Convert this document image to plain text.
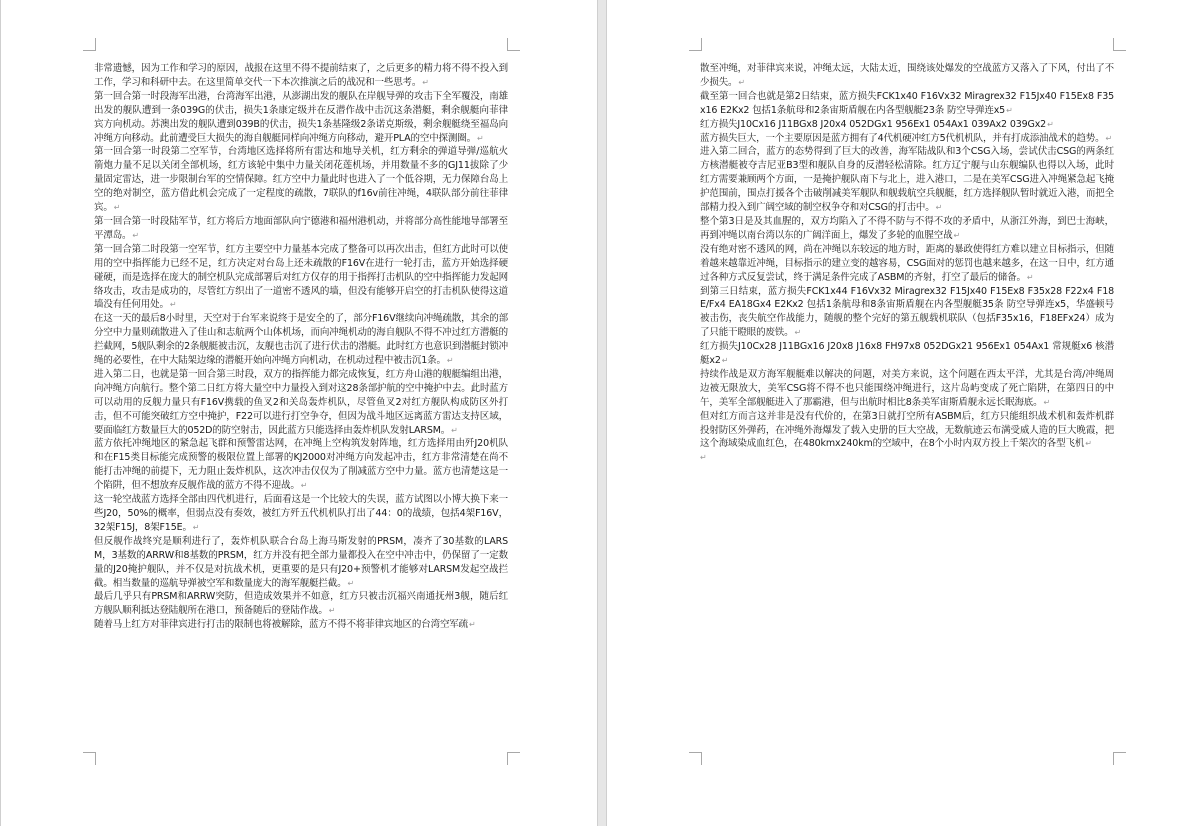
非常遗憾，因为工作和学习的原因，战报在这里不得不提前结束了，之后更多的精力将不得不投入到工作，学习和科研中去。在这里简单交代一下本次推演之后的战况和一些思考。 ↵

第一回合第一时段海军出港，台湾海军出港，从澎湖出发的舰队在岸舰导弹的攻击下全军覆没，南雄出发的舰队遭到一条039G的伏击，损失1条康定级并在反潜作战中击沉这条潜艇，剩余舰艇向菲律宾方向机动。苏澳出发的舰队遭到039B的伏击，损失1条基隆级2条诺克斯级，剩余舰艇绕至福岛向冲绳方向移动。此前遭受巨大损失的海自舰艇同样向冲绳方向移动，避开PLA的空中探测圈。 ↵

第一回合第一时段第二空军节，台湾地区选择将所有雷达和地导关机，红方剩余的弹道导弹/巡航火箭炮力量不足以关闭全部机场，红方该轮中集中力量关闭花莲机场，并用数量不多的GJ11拔除了少量固定雷达，进一步限制台军的空情保障。红方空中力量此时也进入了一个低谷期，无力保障台岛上空的绝对制空，蓝方借此机会完成了一定程度的疏散，7联队的f16v前往冲绳，4联队部分前往菲律宾。 ↵

第一回合第一时段陆军节，红方将后方地面部队向宁德港和福州港机动，并将部分高性能地导部署至平潭岛。 ↵

第一回合第二时段第一空军节，红方主要空中力量基本完成了整备可以再次出击，但红方此时可以使用的空中指挥能力已经不足，红方决定对台岛上还未疏散的F16V在进行一轮打击，蓝方开始选择硬碰硬，而是选择在庞大的制空机队完成部署后对红方仅存的用于指挥打击机队的空中指挥能力发起网络攻击，攻击是成功的，尽管红方织出了一道密不透风的墙，但没有能够开启空的打击机队使得这道墙没有任何用处。 ↵

在这一天的最后8小时里，天空对于台军来说终于是安全的了，部分F16V继续向冲绳疏散，其余的部分空中力量则疏散进入了佳山和志航两个山体机场，而向冲绳机动的海自舰队不得不冲过红方潜艇的拦截网，5舰队剩余的2条舰艇被击沉，友舰也击沉了进行伏击的潜艇。此时红方也意识到潜艇封锁冲绳的必要性，在中大陆架边缘的潜艇开始向冲绳方向机动，在机动过程中被击沉1条。 ↵

进入第二日，也就是第一回合第三时段，双方的指挥能力都完成恢复，红方舟山港的舰艇编组出港，向冲绳方向航行。整个第二日红方将大量空中力量投入到对这28条部护航的空中掩护中去。此时蓝方可以动用的反舰力量只有F16V携载的鱼叉2和关岛轰炸机队，尽管鱼叉2对红方舰队构成防区外打击，但不可能突破红方空中掩护，F22可以进行打空争夺，但因为战斗地区远离蓝方雷达支持区域，要面临红方数量巨大的052D的防空射击，因此蓝方只能选择由轰炸机队发射LARSM。 ↵

蓝方依托冲绳地区的紧急起飞群和预警雷达网，在冲绳上空构筑发射阵地，红方选择用由歼J20机队和在F15类目标能完成预警的极限位置上部署的KJ2000对冲绳方向发起冲击，红方非常清楚在尚不能打击冲绳的前提下，无力阻止轰炸机队，这次冲击仅仅为了削减蓝方空中力量。蓝方也清楚这是一个陷阱，但不想放弃反舰作战的蓝方不得不迎战。 ↵

这一轮空战蓝方选择全部由四代机进行，后面看这是一个比较大的失误，蓝方试图以小博大换下来一些J20，50%的概率，但弱点没有奏效，被红方歼五代机机队打出了44：0的战绩，包括4架F16V，32架F15J，8架F15E。 ↵

但反舰作战终究是顺利进行了，轰炸机队联合台岛上海马斯发射的PRSM，凑齐了30基数的LARSM，3基数的ARRW和8基数的PRSM，红方并没有把全部力量都投入在空中冲击中，仍保留了一定数量的J20掩护舰队，并不仅是对抗战术机，更重要的是只有J20+预警机才能够对LARSM发起空战拦截。相当数量的巡航导弹被空军和数量庞大的海军舰艇拦截。 ↵

最后几乎只有PRSM和ARRW突防，但造成效果并不如意，红方只被击沉福兴南通抚州3舰，随后红方舰队顺利抵达登陆舰所在港口，预备随后的登陆作战。 ↵

随着马上红方对菲律宾进行打击的限制也将被解除，蓝方不得不将菲律宾地区的台湾空军疏 ↵

散至冲绳，对菲律宾来说，冲绳太远，大陆太近，围绕该处爆发的空战蓝方又落入了下风，付出了不少损失。 ↵

截至第一回合也就是第2日结束，蓝方损失FCK1x40 F16Vx32 Miragrex32 F15Jx40 F15Ex8 F35x16 E2Kx2 包括1条航母和2条宙斯盾舰在内各型舰艇23条 防空导弹连x5 ↵

红方损失J10Cx16 J11BGx8 J20x4 052DGx1 956Ex1 054Ax1 039Ax2 039Gx2 ↵

蓝方损失巨大，一个主要原因是蓝方拥有了4代机硬冲红方5代机机队，并有打成添油战术的趋势。 ↵

进入第二回合，蓝方的态势得到了巨大的改善，海军陆战队和3个CSG入场，尝试伏击CSG的两条红方核潜艇被夺吉尼亚B3型和舰队自身的反潜轻松清除。红方辽宁舰与山东舰编队也得以入场，此时红方需要兼顾两个方面，一是掩护舰队南下与北上，进入港口，二是在美军CSG进入冲绳紧急起飞掩护范围前，围点打援各个击破削减美军舰队和舰载航空兵舰艇，红方选择舰队暂时就近入港，而把全部精力投入到广阔空域的制空权争夺和对CSG的打击中。 ↵

整个第3日是及其血腥的，双方均陷入了不得不防与不得不攻的矛盾中，从浙江外海，到巴士海峡，再到冲绳以南台湾以东的广阔洋面上，爆发了多轮的血腥空战 ↵

没有绝对密不透风的网，尚在冲绳以东较远的地方时，距离的暴政使得红方难以建立目标指示，但随着越来越靠近冲绳，目标指示的建立变的越容易，CSG面对的惩罚也越来越多，在这一日中，红方通过各种方式反复尝试，终于满足条件完成了ASBM的齐射，打空了最后的储备。 ↵

到第三日结束，蓝方损失FCK1x44 F16Vx32 Miragrex32 F15Jx40 F15Ex8 F35x28 F22x4 F18E/Fx4 EA18Gx4 E2Kx2 包括1条航母和8条宙斯盾舰在内各型舰艇35条 防空导弹连x5，华盛顿号被击伤，丧失航空作战能力，随舰的整个完好的第五舰载机联队（包括F35x16，F18EFx24）成为了只能干瞪眼的废铁。 ↵

红方损失J10Cx28 J11BGx16 J20x8 J16x8 FH97x8 052DGx21 956Ex1 054Ax1 常规艇x6 核潜艇x2 ↵

持续作战是双方海军舰艇难以解决的问题，对美方来说，这个问题在西太平洋，尤其是台湾/冲绳周边被无限放大，美军CSG将不得不也只能围绕冲绳进行，这片岛屿变成了死亡陷阱，在第四日的中午，美军全部舰艇进入了那霸港，但与出航时相比8条美军宙斯盾舰永远长眠海底。 ↵

但对红方而言这并非是没有代价的，在第3日就打空所有ASBM后，红方只能组织战术机和轰炸机群投射防区外弹药，在冲绳外海爆发了载入史册的巨大空战，无数航迹云布满受威人造的巨大晚霞，把这个海域染成血红色，在480kmx240km的空域中，在8个小时内双方投上千架次的各型飞机 ↵

↵
